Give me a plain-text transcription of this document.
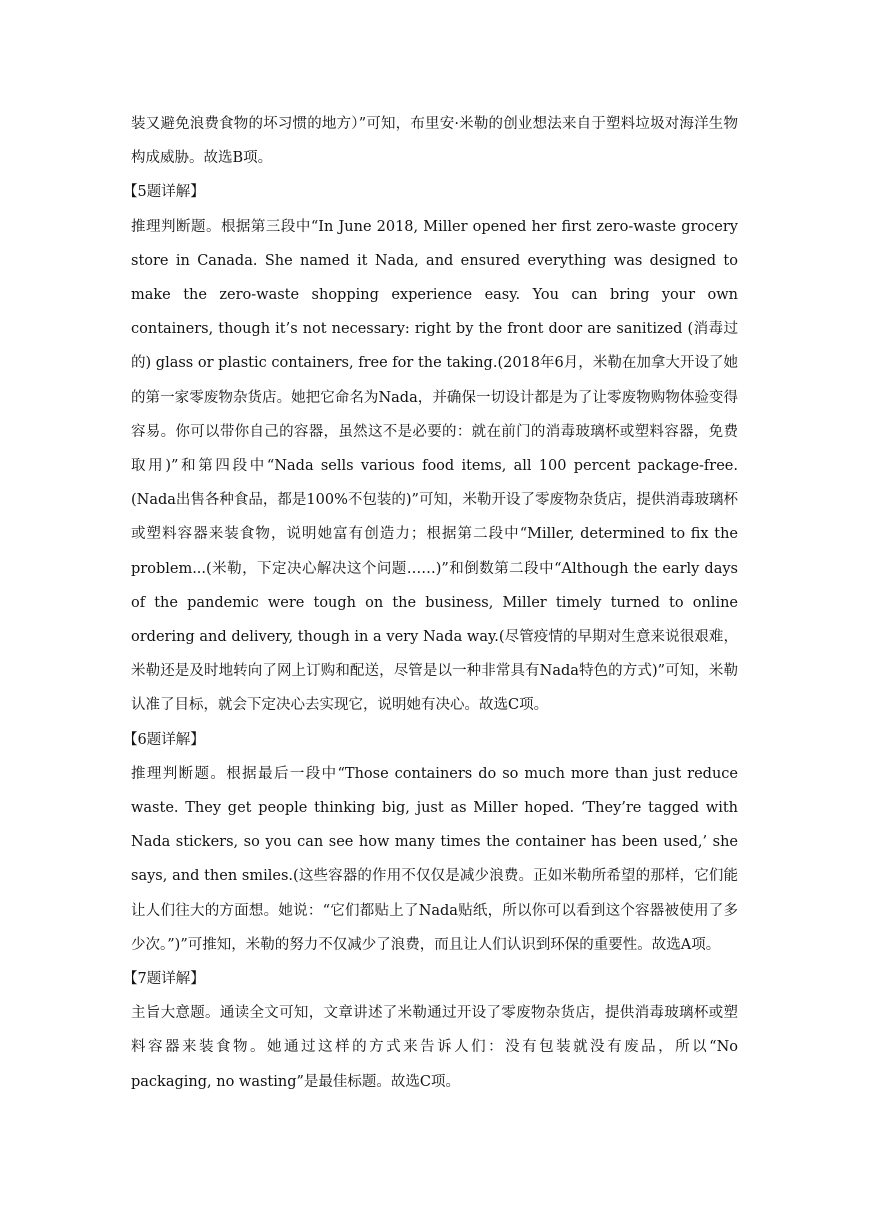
装又避免浪费食物的坏习惯的地方）”可知，布里安·米勒的创业想法来自于塑料垃圾对海洋生物构成威胁。故选B项。

【5题详解】

推理判断题。根据第三段中“In June 2018, Miller opened her first zero-waste grocery store in Canada. She named it Nada, and ensured everything was designed to make the zero-waste shopping experience easy. You can bring your own containers, though it’s not necessary: right by the front door are sanitized (消毒过的) glass or plastic containers, free for the taking.(2018年6月，米勒在加拿大开设了她的第一家零废物杂货店。她把它命名为Nada，并确保一切设计都是为了让零废物购物体验变得容易。你可以带你自己的容器，虽然这不是必要的：就在前门的消毒玻璃杯或塑料容器，免费取用)”和第四段中“Nada sells various food items, all 100 percent package-free.(Nada出售各种食品，都是100%不包装的)”可知，米勒开设了零废物杂货店，提供消毒玻璃杯或塑料容器来装食物，说明她富有创造力；根据第二段中“Miller, determined to fix the problem...(米勒，下定决心解决这个问题……)”和倒数第二段中“Although the early days of the pandemic were tough on the business, Miller timely turned to online ordering and delivery, though in a very Nada way.(尽管疫情的早期对生意来说很艰难，米勒还是及时地转向了网上订购和配送，尽管是以一种非常具有Nada特色的方式)”可知，米勒认准了目标，就会下定决心去实现它，说明她有决心。故选C项。

【6题详解】

推理判断题。根据最后一段中“Those containers do so much more than just reduce waste. They get people thinking big, just as Miller hoped. ‘They’re tagged with Nada stickers, so you can see how many times the container has been used,’ she says, and then smiles.(这些容器的作用不仅仅是减少浪费。正如米勒所希望的那样，它们能让人们往大的方面想。她说：“它们都贴上了Nada贴纸，所以你可以看到这个容器被使用了多少次。”)”可推知，米勒的努力不仅减少了浪费，而且让人们认识到环保的重要性。故选A项。

【7题详解】

主旨大意题。通读全文可知，文章讲述了米勒通过开设了零废物杂货店，提供消毒玻璃杯或塑料容器来装食物。她通过这样的方式来告诉人们：没有包装就没有废品，所以“No packaging, no wasting”是最佳标题。故选C项。
